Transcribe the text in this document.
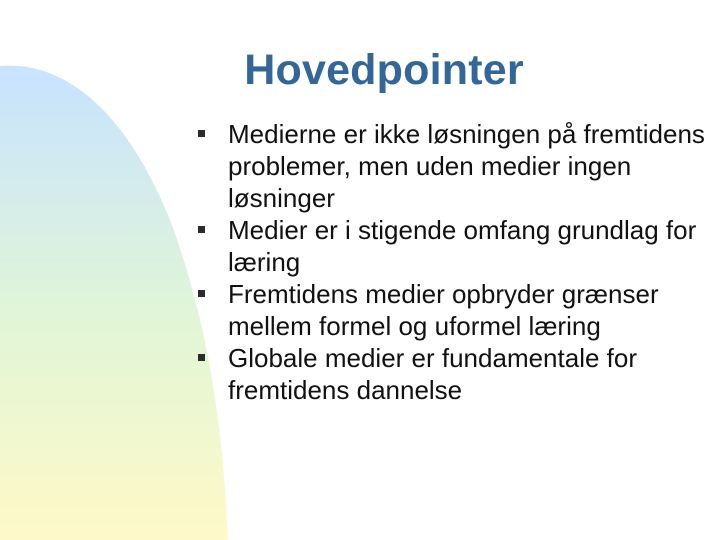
Hovedpointer
Medierne er ikke løsningen på fremtidens problemer, men uden medier ingen løsninger
Medier er i stigende omfang grundlag for læring
Fremtidens medier opbryder grænser mellem formel og uformel læring
Globale medier er fundamentale for fremtidens dannelse
